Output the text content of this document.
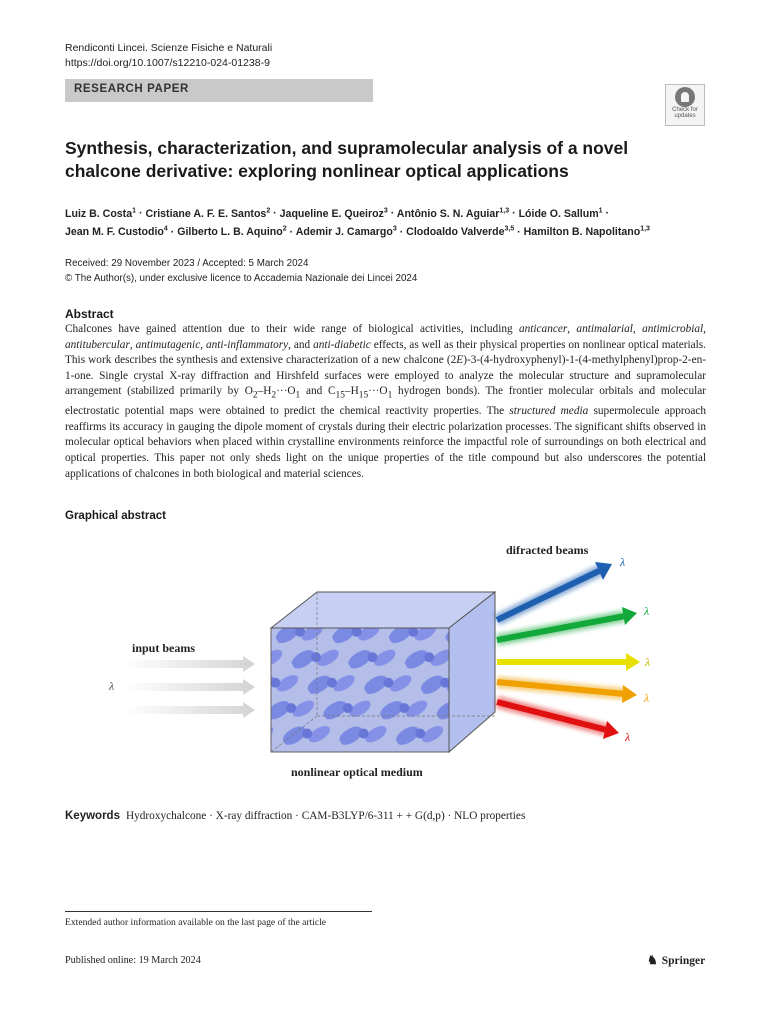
Rendiconti Lincei. Scienze Fisiche e Naturali
https://doi.org/10.1007/s12210-024-01238-9
RESEARCH PAPER
Check for
updates
Synthesis, characterization, and supramolecular analysis of a novel chalcone derivative: exploring nonlinear optical applications
Luiz B. Costa$^1$ · Cristiane A. F. E. Santos$^2$ · Jaqueline E. Queiroz$^3$ · Antônio S. N. Aguiar$^{1,3}$ · Lóide O. Sallum$^1$ ·
Jean M. F. Custodio$^4$ · Gilberto L. B. Aquino$^2$ · Ademir J. Camargo$^3$ · Clodoaldo Valverde$^{3,5}$ · Hamilton B. Napolitano$^{1,3}$
Received: 29 November 2023 / Accepted: 5 March 2024
© The Author(s), under exclusive licence to Accademia Nazionale dei Lincei 2024
Abstract
Chalcones have gained attention due to their wide range of biological activities, including anticancer, antimalarial, antimicrobial, antitubercular, antimutagenic, anti-inflammatory, and anti-diabetic effects, as well as their physical properties on nonlinear optical materials. This work describes the synthesis and extensive characterization of a new chalcone (2E)-3-(4-hydroxyphenyl)-1-(4-methylphenyl)prop-2-en-1-one. Single crystal X-ray diffraction and Hirshfeld surfaces were employed to analyze the molecular structure and supramolecular arrangement (stabilized primarily by $O_2-H_2\cdot\cdot\cdot O_1$ and $C_{15}-H_{15}\cdot\cdot\cdot O_1$ hydrogen bonds). The frontier molecular orbitals and molecular electrostatic potential maps were obtained to predict the chemical reactivity properties. The structured media supermolecule approach reaffirms its accuracy in gauging the dipole moment of crystals during their electric polarization processes. The significant shifts observed in molecular optical behaviors when placed within crystalline environments reinforce the impactful role of surroundings on both electrical and optical properties. This paper not only sheds light on the unique properties of the title compound but also underscores the potential applications of chalcones in both biological and material sciences.
Graphical abstract
input beams
λ
nonlinear optical medium
difracted beams
λ
λ
λ
λ
λ
Keywords Hydroxychalcone · X-ray diffraction · CAM-B3LYP/6-311 + + G(d,p) · NLO properties
Extended author information available on the last page of the article
Published online: 19 March 2024	♞ Springer
